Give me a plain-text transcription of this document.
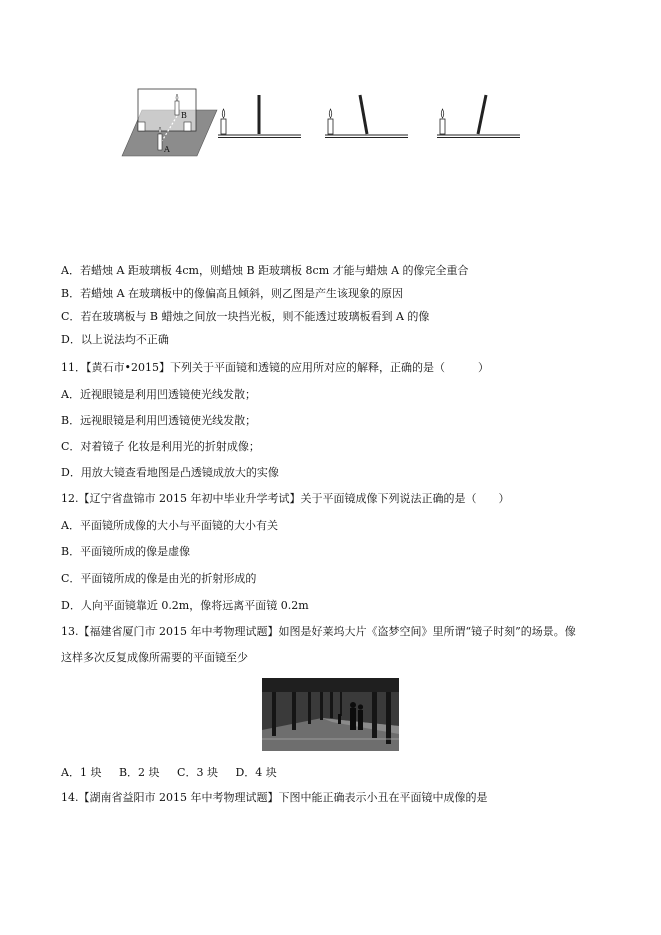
B
A
A．若蜡烛 A 距玻璃板 4cm，则蜡烛 B 距玻璃板 8cm 才能与蜡烛 A 的像完全重合
B．若蜡烛 A 在玻璃板中的像偏高且倾斜，则乙图是产生该现象的原因
C．若在玻璃板与 B 蜡烛之间放一块挡光板，则不能透过玻璃板看到 A 的像
D．以上说法均不正确
11．【黄石市•2015】下列关于平面镜和透镜的应用所对应的解释，正确的是（　　　）
A．近视眼镜是利用凹透镜使光线发散；
B．远视眼镜是利用凹透镜使光线发散；
C．对着镜子 化妆是利用光的折射成像；
D．用放大镜查看地图是凸透镜成放大的实像
12.【辽宁省盘锦市 2015 年初中毕业升学考试】关于平面镜成像下列说法正确的是（　　）
A．平面镜所成像的大小与平面镜的大小有关
B．平面镜所成的像是虚像
C．平面镜所成的像是由光的折射形成的
D．人向平面镜靠近 0.2m，像将远离平面镜 0.2m
13.【福建省厦门市 2015 年中考物理试题】如图是好莱坞大片《盗梦空间》里所谓“镜子时刻”的场景。像
这样多次反复成像所需要的平面镜至少
A．1 块 B．2 块 C．3 块 D．4 块
14.【湖南省益阳市 2015 年中考物理试题】下图中能正确表示小丑在平面镜中成像的是
